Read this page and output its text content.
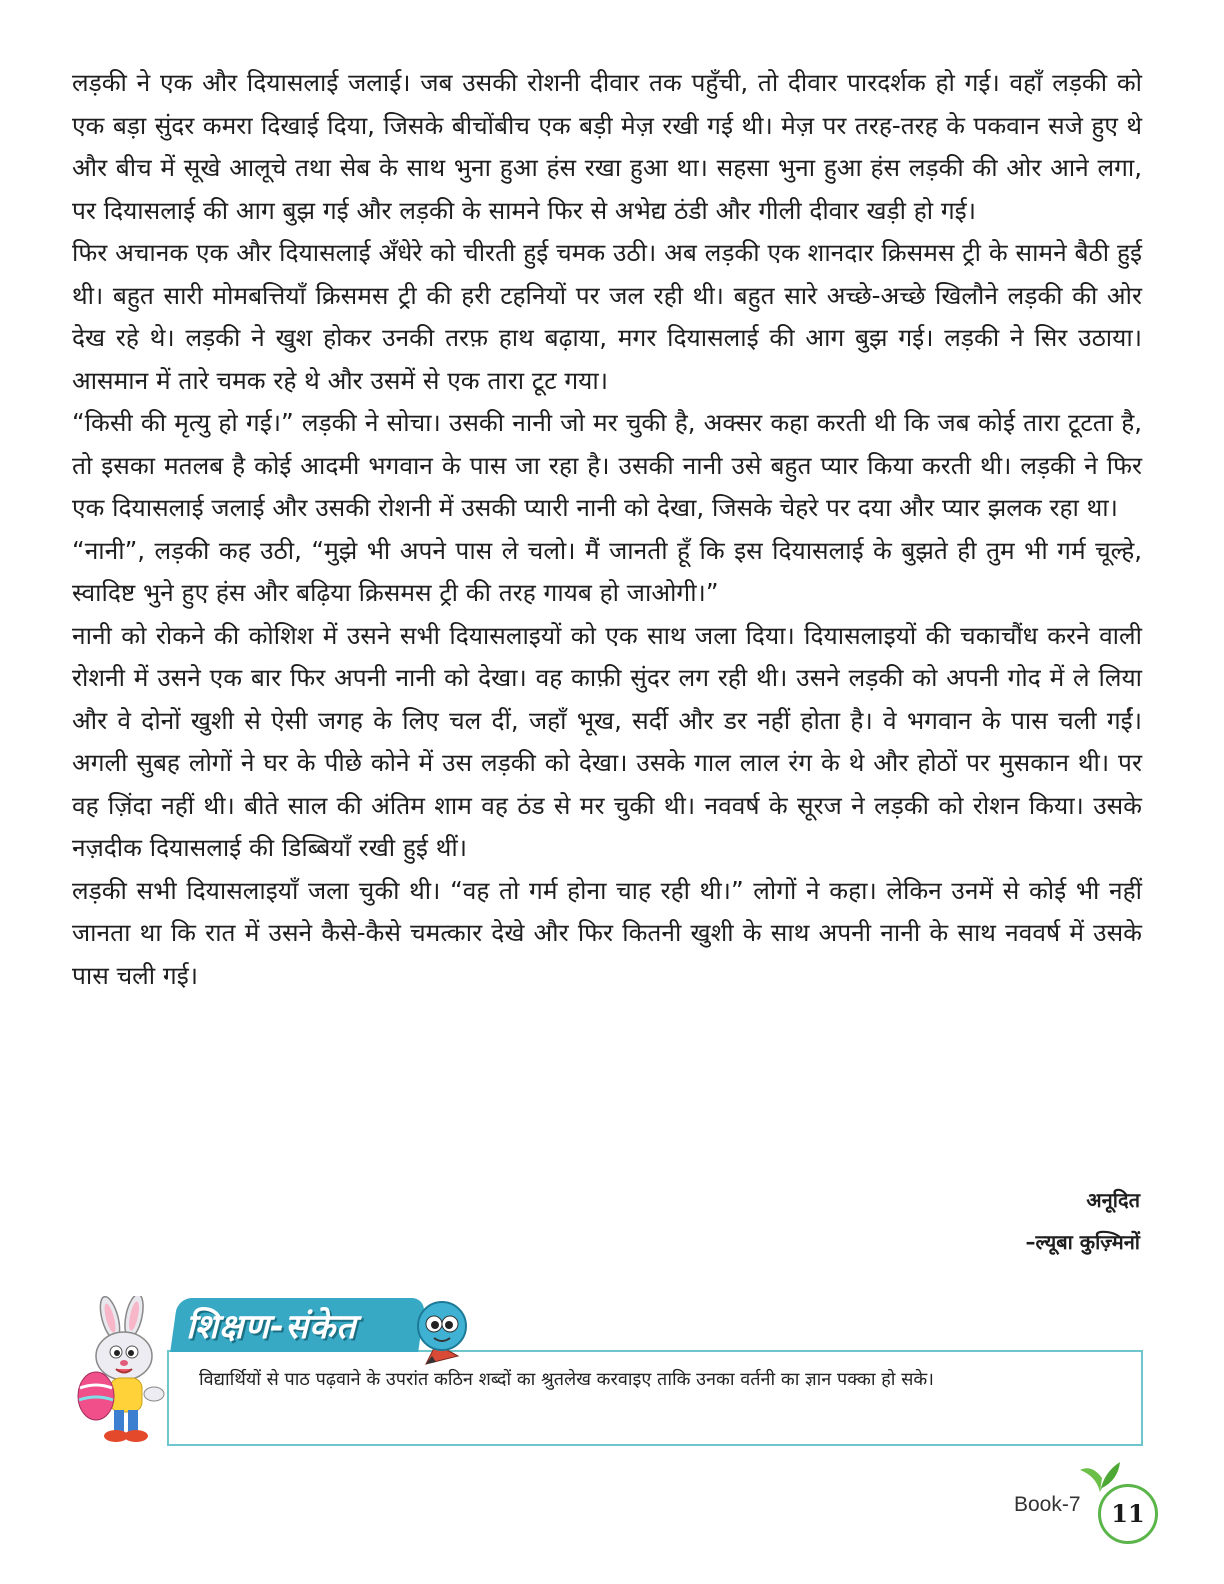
लड़की ने एक और दियासलाई जलाई। जब उसकी रोशनी दीवार तक पहुँची, तो दीवार पारदर्शक हो गई। वहाँ लड़की को एक बड़ा सुंदर कमरा दिखाई दिया, जिसके बीचोंबीच एक बड़ी मेज़ रखी गई थी। मेज़ पर तरह-तरह के पकवान सजे हुए थे और बीच में सूखे आलूचे तथा सेब के साथ भुना हुआ हंस रखा हुआ था। सहसा भुना हुआ हंस लड़की की ओर आने लगा, पर दियासलाई की आग बुझ गई और लड़की के सामने फिर से अभेद्य ठंडी और गीली दीवार खड़ी हो गई।

फिर अचानक एक और दियासलाई अँधेरे को चीरती हुई चमक उठी। अब लड़की एक शानदार क्रिसमस ट्री के सामने बैठी हुई थी। बहुत सारी मोमबत्तियाँ क्रिसमस ट्री की हरी टहनियों पर जल रही थी। बहुत सारे अच्छे-अच्छे खिलौने लड़की की ओर देख रहे थे। लड़की ने खुश होकर उनकी तरफ़ हाथ बढ़ाया, मगर दियासलाई की आग बुझ गई। लड़की ने सिर उठाया। आसमान में तारे चमक रहे थे और उसमें से एक तारा टूट गया।

“किसी की मृत्यु हो गई।” लड़की ने सोचा। उसकी नानी जो मर चुकी है, अक्सर कहा करती थी कि जब कोई तारा टूटता है, तो इसका मतलब है कोई आदमी भगवान के पास जा रहा है। उसकी नानी उसे बहुत प्यार किया करती थी। लड़की ने फिर एक दियासलाई जलाई और उसकी रोशनी में उसकी प्यारी नानी को देखा, जिसके चेहरे पर दया और प्यार झलक रहा था।

“नानी”, लड़की कह उठी, “मुझे भी अपने पास ले चलो। मैं जानती हूँ कि इस दियासलाई के बुझते ही तुम भी गर्म चूल्हे, स्वादिष्ट भुने हुए हंस और बढ़िया क्रिसमस ट्री की तरह गायब हो जाओगी।”

नानी को रोकने की कोशिश में उसने सभी दियासलाइयों को एक साथ जला दिया। दियासलाइयों की चकाचौंध करने वाली रोशनी में उसने एक बार फिर अपनी नानी को देखा। वह काफ़ी सुंदर लग रही थी। उसने लड़की को अपनी गोद में ले लिया और वे दोनों खुशी से ऐसी जगह के लिए चल दीं, जहाँ भूख, सर्दी और डर नहीं होता है। वे भगवान के पास चली गईं। अगली सुबह लोगों ने घर के पीछे कोने में उस लड़की को देखा। उसके गाल लाल रंग के थे और होठों पर मुसकान थी। पर वह ज़िंदा नहीं थी। बीते साल की अंतिम शाम वह ठंड से मर चुकी थी। नववर्ष के सूरज ने लड़की को रोशन किया। उसके नज़दीक दियासलाई की डिब्बियाँ रखी हुई थीं।

लड़की सभी दियासलाइयाँ जला चुकी थी। “वह तो गर्म होना चाह रही थी।” लोगों ने कहा। लेकिन उनमें से कोई भी नहीं जानता था कि रात में उसने कैसे-कैसे चमत्कार देखे और फिर कितनी खुशी के साथ अपनी नानी के साथ नववर्ष में उसके पास चली गई।

अनूदित
–ल्यूबा कुज़्मिनों
विद्यार्थियों से पाठ पढ़वाने के उपरांत कठिन शब्दों का श्रुतलेख करवाइए ताकि उनका वर्तनी का ज्ञान पक्का हो सके।
शिक्षण-संकेत
Book-7	11
